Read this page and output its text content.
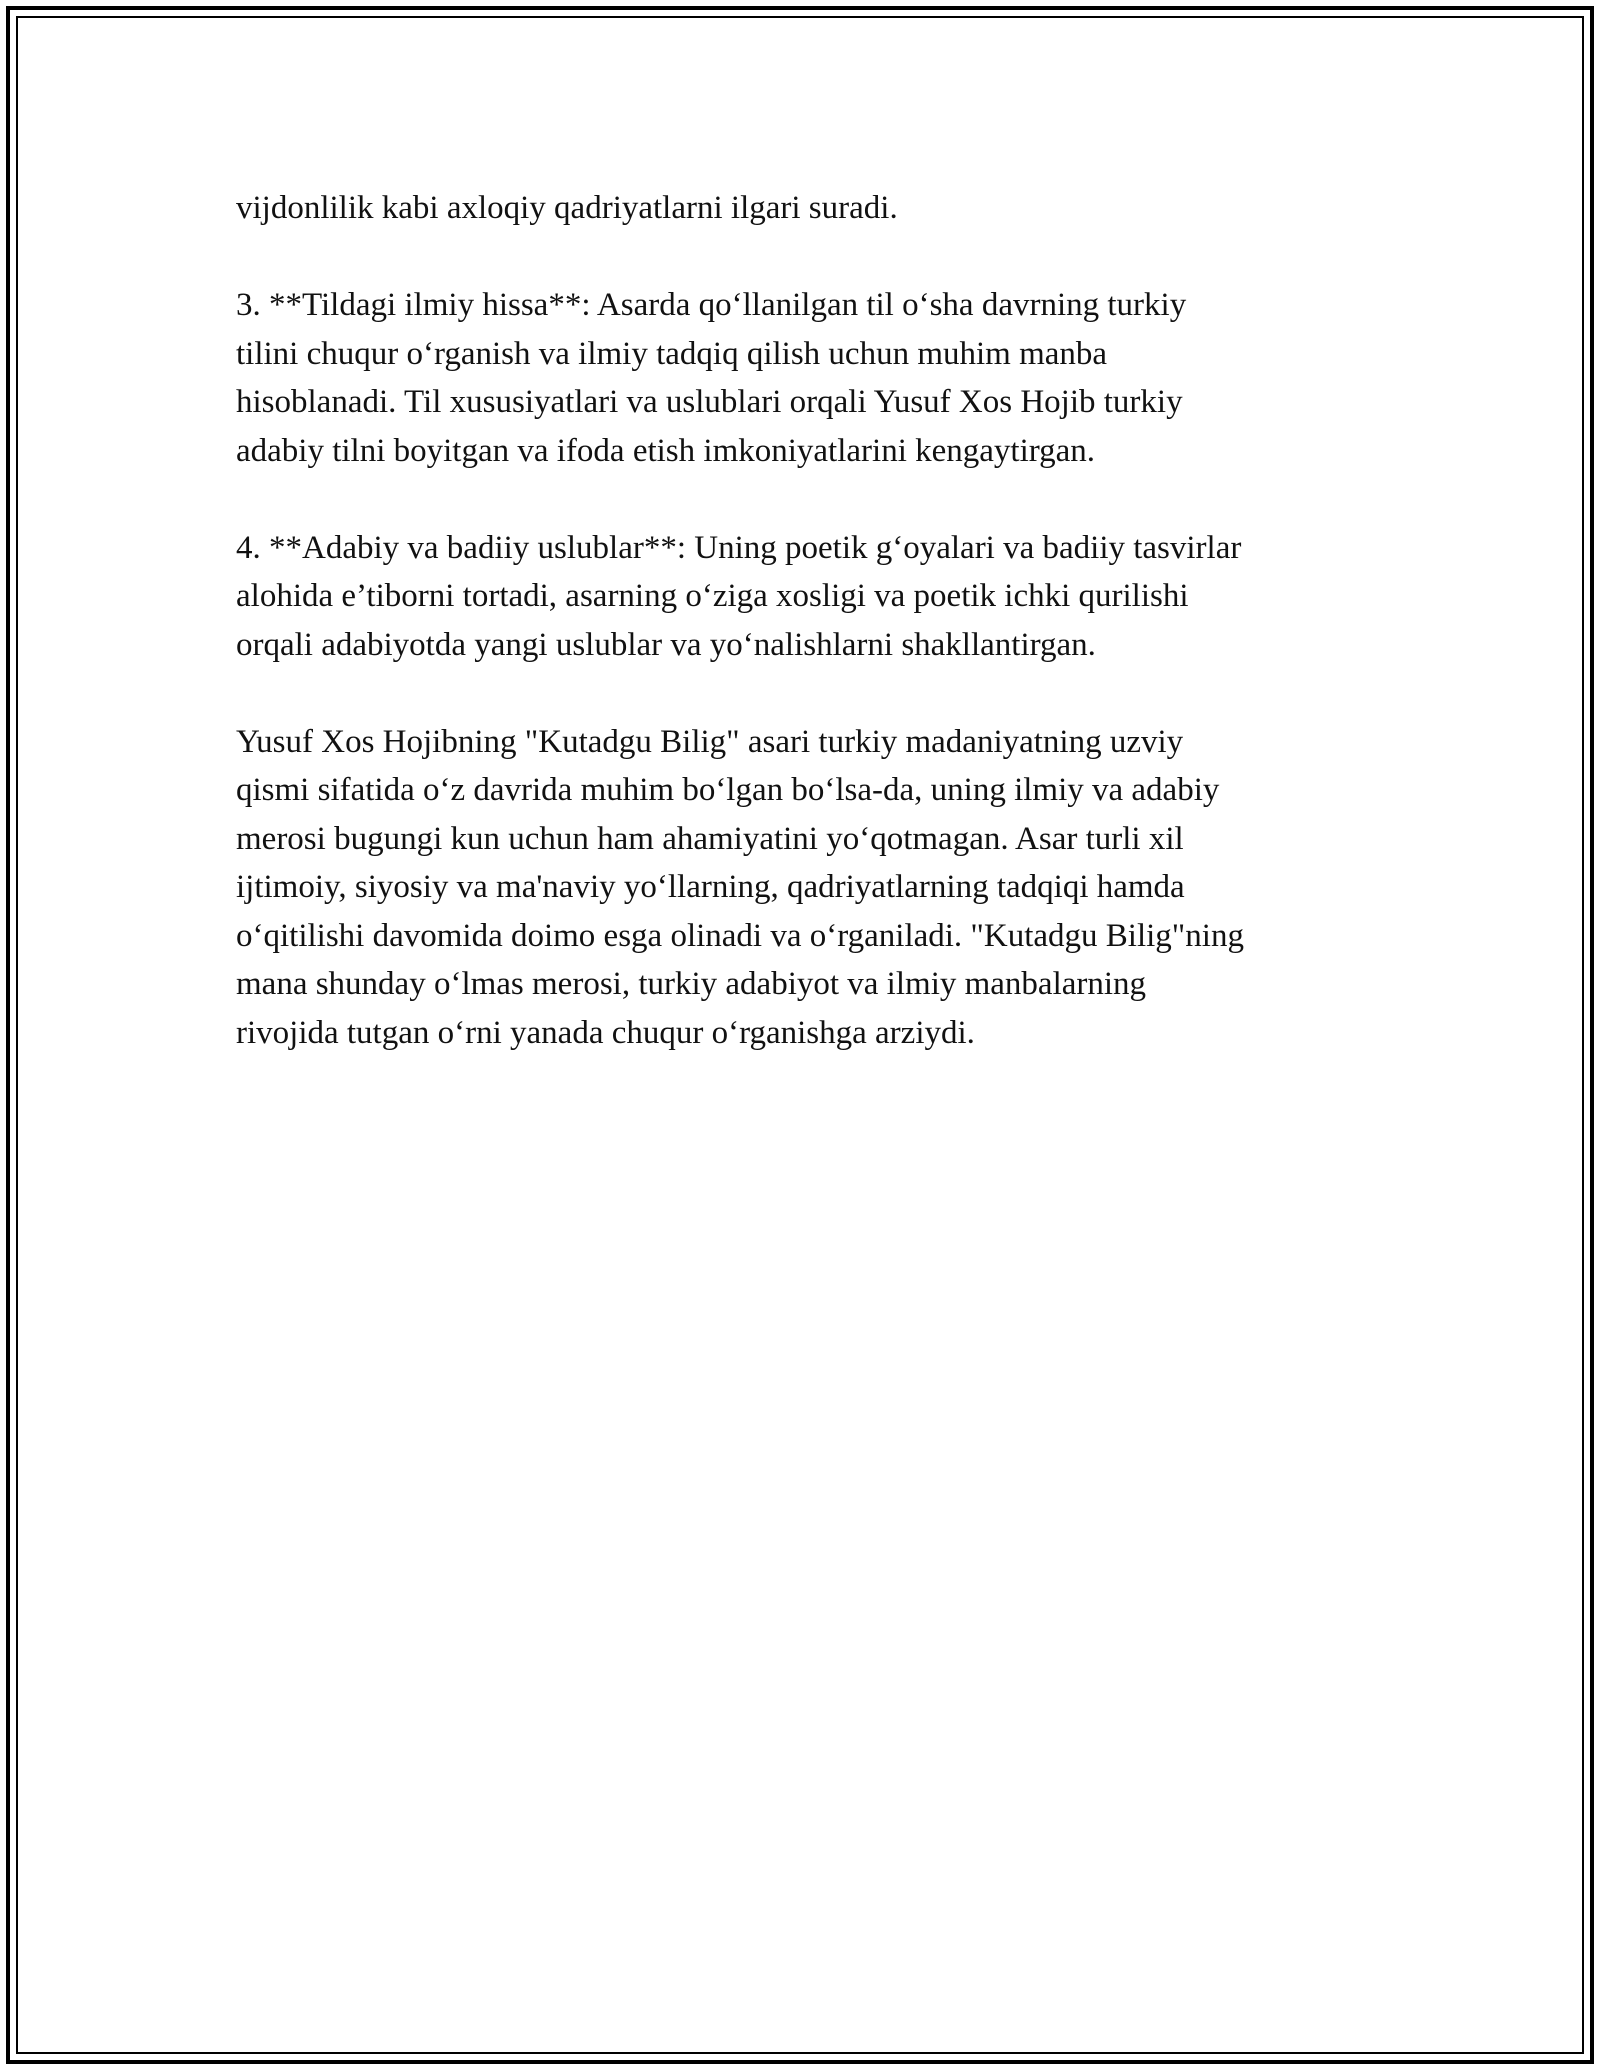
vijdonlilik kabi axloqiy qadriyatlarni ilgari suradi.

3. **Tildagi ilmiy hissa**: Asarda qo‘llanilgan til o‘sha davrning turkiy
tilini chuqur o‘rganish va ilmiy tadqiq qilish uchun muhim manba
hisoblanadi. Til xususiyatlari va uslublari orqali Yusuf Xos Hojib turkiy
adabiy tilni boyitgan va ifoda etish imkoniyatlarini kengaytirgan.

4. **Adabiy va badiiy uslublar**: Uning poetik g‘oyalari va badiiy tasvirlar
alohida e’tiborni tortadi, asarning o‘ziga xosligi va poetik ichki qurilishi
orqali adabiyotda yangi uslublar va yo‘nalishlarni shakllantirgan.

Yusuf Xos Hojibning "Kutadgu Bilig" asari turkiy madaniyatning uzviy
qismi sifatida o‘z davrida muhim bo‘lgan bo‘lsa-da, uning ilmiy va adabiy
merosi bugungi kun uchun ham ahamiyatini yo‘qotmagan. Asar turli xil
ijtimoiy, siyosiy va ma'naviy yo‘llarning, qadriyatlarning tadqiqi hamda
o‘qitilishi davomida doimo esga olinadi va o‘rganiladi. "Kutadgu Bilig"ning
mana shunday o‘lmas merosi, turkiy adabiyot va ilmiy manbalarning
rivojida tutgan o‘rni yanada chuqur o‘rganishga arziydi.
